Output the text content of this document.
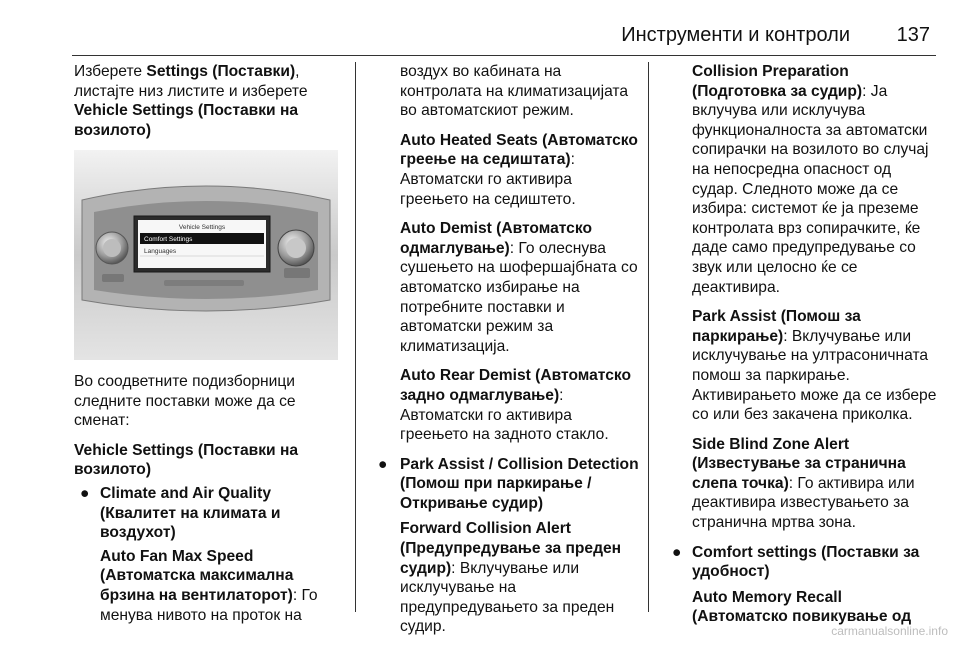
Инструменти и контроли 137

Изберете Settings (Поставки), листајте низ листите и изберете Vehicle Settings (Поставки на возилото)

Vehicle Settings
Comfort Settings
Languages

Во соодветните подизборници следните поставки може да се сменат:

Vehicle Settings (Поставки на возилото)

● Climate and Air Quality (Квалитет на климата и воздухот)

Auto Fan Max Speed (Автоматска максимална брзина на вентилаторот): Го менува нивото на проток на

воздух во кабината на контролата на климатизацијата во автоматскиот режим.

Auto Heated Seats (Автоматско греење на седиштата): Автоматски го активира греењето на седиштето.

Auto Demist (Автоматско одмаглување): Го олеснува сушењето на шофершајбната со автоматско избирање на потребните поставки и автоматски режим за климатизација.

Auto Rear Demist (Автоматско задно одмаглување): Автоматски го активира греењето на задното стакло.

● Park Assist / Collision Detection (Помош при паркирање / Откривање судир)

Forward Collision Alert (Предупредување за преден судир): Вклучување или исклучување на предупредувањето за преден судир.

Collision Preparation (Подготовка за судир): Ја вклучува или исклучува функционалноста за автоматски сопирачки на возилото во случај на непосредна опасност од судар. Следното може да се избира: системот ќе ја преземе контролата врз сопирачките, ќе даде само предупредување со звук или целосно ќе се деактивира.

Park Assist (Помош за паркирање): Вклучување или исклучување на ултрасоничната помош за паркирање. Активирањето може да се избере со или без закачена приколка.

Side Blind Zone Alert (Известување за странична слепа точка): Го активира или деактивира известувањето за странична мртва зона.

● Comfort settings (Поставки за удобност)

Auto Memory Recall (Автоматско повикување од

carmanualsonline.info
